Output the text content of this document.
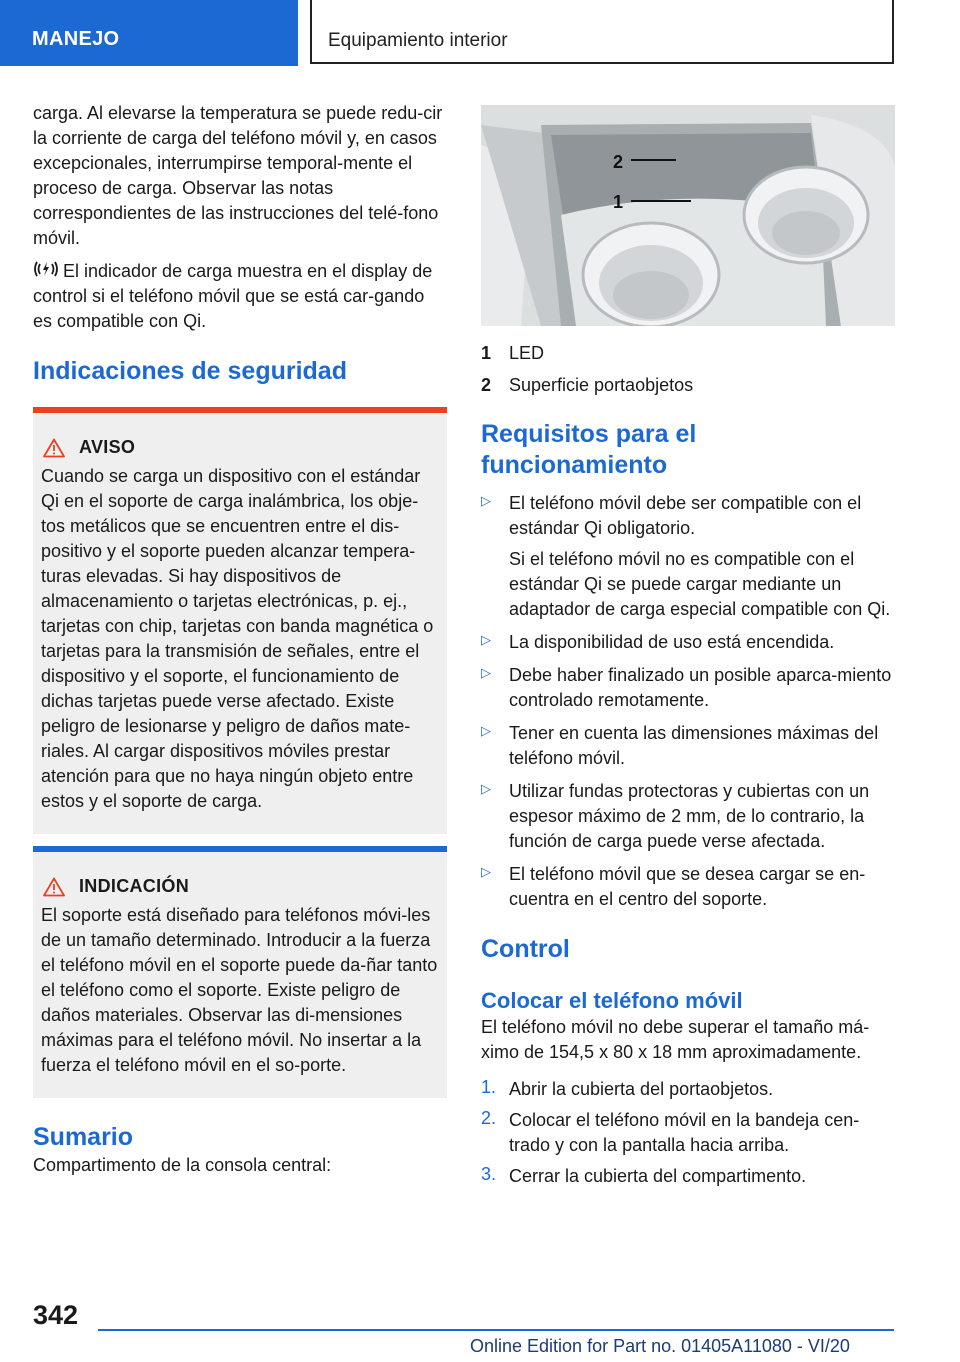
MANEJO	Equipamiento interior

carga. Al elevarse la temperatura se puede redu‐cir la corriente de carga del teléfono móvil y, en casos excepcionales, interrumpirse temporal‐mente el proceso de carga. Observar las notas correspondientes de las instrucciones del telé‐fono móvil.

El indicador de carga muestra en el display de control si el teléfono móvil que se está car‐gando es compatible con Qi.

Indicaciones de seguridad
AVISO

Cuando se carga un dispositivo con el estándar Qi en el soporte de carga inalámbrica, los obje‐tos metálicos que se encuentren entre el dis‐positivo y el soporte pueden alcanzar tempera‐turas elevadas. Si hay dispositivos de almacenamiento o tarjetas electrónicas, p. ej., tarjetas con chip, tarjetas con banda magnética o tarjetas para la transmisión de señales, entre el dispositivo y el soporte, el funcionamiento de dichas tarjetas puede verse afectado. Existe peligro de lesionarse y peligro de daños mate‐riales. Al cargar dispositivos móviles prestar atención para que no haya ningún objeto entre estos y el soporte de carga.

INDICACIÓN

El soporte está diseñado para teléfonos móvi‐les de un tamaño determinado. Introducir a la fuerza el teléfono móvil en el soporte puede da‐ñar tanto el teléfono como el soporte. Existe peligro de daños materiales. Observar las di‐mensiones máximas para el teléfono móvil. No insertar a la fuerza el teléfono móvil en el so‐porte.

Sumario

Compartimento de la consola central:

2
1
1 LED
2 Superficie portaobjetos
Requisitos para el
funcionamiento
▷	El teléfono móvil debe ser compatible con el estándar Qi obligatorio.

Si el teléfono móvil no es compatible con el estándar Qi se puede cargar mediante un adaptador de carga especial compatible con Qi.

▷	La disponibilidad de uso está encendida.

▷	Debe haber finalizado un posible aparca‐miento controlado remotamente.

▷	Tener en cuenta las dimensiones máximas del teléfono móvil.

▷	Utilizar fundas protectoras y cubiertas con un espesor máximo de 2 mm, de lo contrario, la función de carga puede verse afectada.

▷	El teléfono móvil que se desea cargar se en‐cuentra en el centro del soporte.

Control
Colocar el teléfono móvil

El teléfono móvil no debe superar el tamaño má‐ximo de 154,5 x 80 x 18 mm aproximadamente.

1. Abrir la cubierta del portaobjetos.

2. Colocar el teléfono móvil en la bandeja cen‐trado y con la pantalla hacia arriba.

3. Cerrar la cubierta del compartimento.

342
Online Edition for Part no. 01405A11080 - VI/20
